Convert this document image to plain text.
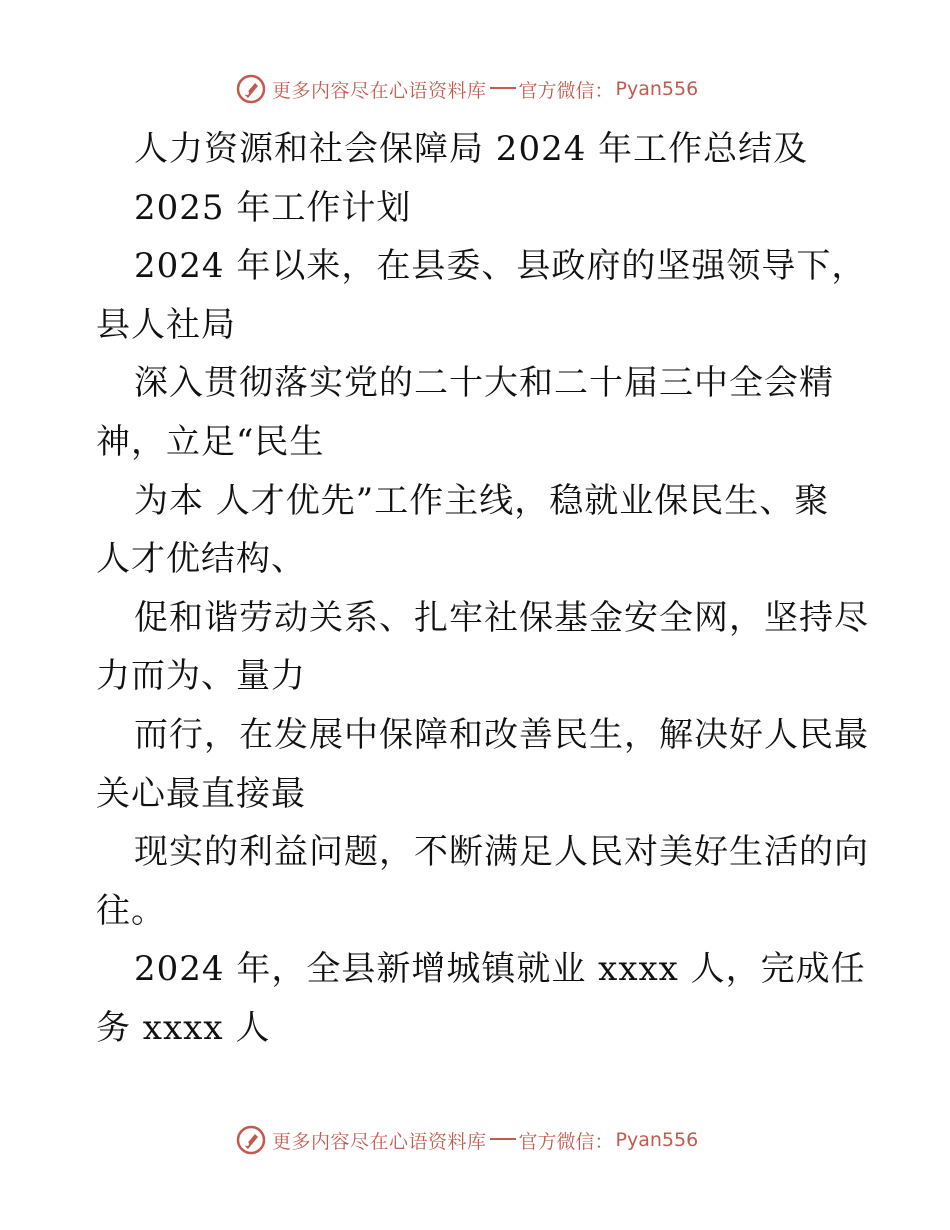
更多内容尽在心语资料库 官方微信： Pyan556
人力资源和社会保障局 2024 年工作总结及
2025 年工作计划
2024 年以来，在县委、县政府的坚强领导下，
县人社局
深入贯彻落实党的二十大和二十届三中全会精
神，立足“民生
为本 人才优先”工作主线，稳就业保民生、聚
人才优结构、
促和谐劳动关系、扎牢社保基金安全网，坚持尽
力而为、量力
而行，在发展中保障和改善民生，解决好人民最
关心最直接最
现实的利益问题，不断满足人民对美好生活的向
往。
2024 年，全县新增城镇就业 xxxx 人，完成任
务 xxxx 人
更多内容尽在心语资料库 官方微信： Pyan556
